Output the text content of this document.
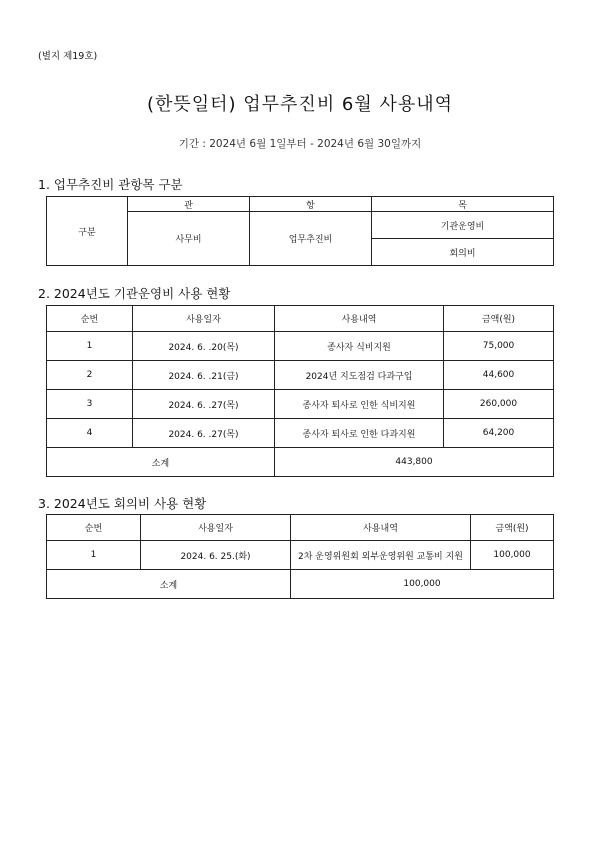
(별지 제19호)
(한뜻일터) 업무추진비 6월 사용내역
기간 : 2024년 6월 1일부터 - 2024년 6월 30일까지
1. 업무추진비 관항목 구분
구분	관	항	목
	사무비	업무추진비	기관운영비
			회의비
2. 2024년도 기관운영비 사용 현황
순번	사용일자	사용내역	금액(원)
1	2024. 6. .20(목)	종사자 식비지원	75,000
2	2024. 6. .21(금)	2024년 지도점검 다과구입	44,600
3	2024. 6. .27(목)	종사자 퇴사로 인한 식비지원	260,000
4	2024. 6. .27(목)	종사자 퇴사로 인한 다과지원	64,200
소계		443,800	
3. 2024년도 회의비 사용 현황
순번	사용일자	사용내역	금액(원)
1	2024. 6. 25.(화)	2차 운영위원회 외부운영위원 교통비 지원	100,000
소계		100,000	
